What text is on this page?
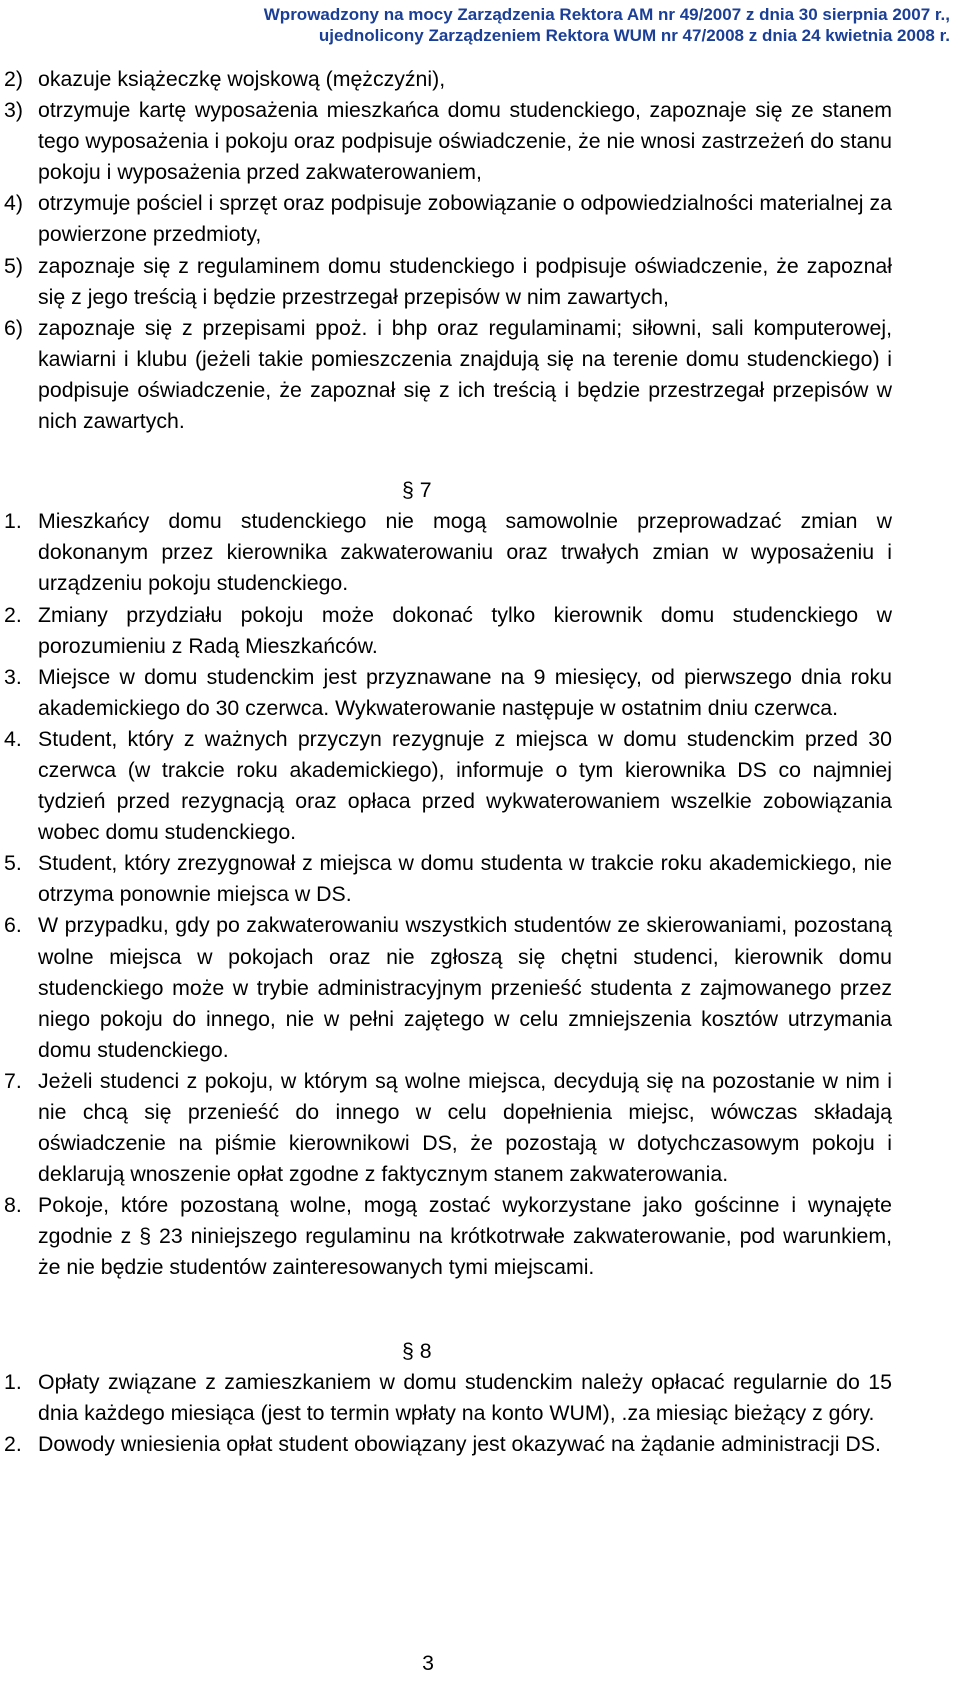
Wprowadzony na mocy Zarządzenia Rektora AM nr 49/2007 z dnia 30 sierpnia 2007 r.,
ujednolicony Zarządzeniem Rektora WUM nr 47/2008 z dnia 24 kwietnia 2008 r.
2) okazuje książeczkę wojskową (mężczyźni),
3) otrzymuje kartę wyposażenia mieszkańca domu studenckiego, zapoznaje się ze stanem tego wyposażenia i pokoju oraz podpisuje oświadczenie, że nie wnosi zastrzeżeń do stanu pokoju i wyposażenia przed zakwaterowaniem,
4) otrzymuje pościel i sprzęt oraz podpisuje zobowiązanie o odpowiedzialności materialnej za powierzone przedmioty,
5) zapoznaje się z regulaminem domu studenckiego i podpisuje oświadczenie, że zapoznał się z jego treścią i będzie przestrzegał przepisów w nim zawartych,
6) zapoznaje się z przepisami ppoż. i bhp oraz regulaminami; siłowni, sali komputerowej, kawiarni i klubu (jeżeli takie pomieszczenia znajdują się na terenie domu studenckiego) i podpisuje oświadczenie, że zapoznał się z ich treścią i będzie przestrzegał przepisów w nich zawartych.
§ 7
1. Mieszkańcy domu studenckiego nie mogą samowolnie przeprowadzać zmian w dokonanym przez kierownika zakwaterowaniu oraz trwałych zmian w wyposażeniu i urządzeniu pokoju studenckiego.
2. Zmiany przydziału pokoju może dokonać tylko kierownik domu studenckiego w porozumieniu z Radą Mieszkańców.
3. Miejsce w domu studenckim jest przyznawane na 9 miesięcy, od pierwszego dnia roku akademickiego do 30 czerwca. Wykwaterowanie następuje w ostatnim dniu czerwca.
4. Student, który z ważnych przyczyn rezygnuje z miejsca w domu studenckim przed 30 czerwca (w trakcie roku akademickiego), informuje o tym kierownika DS co najmniej tydzień przed rezygnacją oraz opłaca przed wykwaterowaniem wszelkie zobowiązania wobec domu studenckiego.
5. Student, który zrezygnował z miejsca w domu studenta w trakcie roku akademickiego, nie otrzyma ponownie miejsca w DS.
6. W przypadku, gdy po zakwaterowaniu wszystkich studentów ze skierowaniami, pozostaną wolne miejsca w pokojach oraz nie zgłoszą się chętni studenci, kierownik domu studenckiego może w trybie administracyjnym przenieść studenta z zajmowanego przez niego pokoju do innego, nie w pełni zajętego w celu zmniejszenia kosztów utrzymania domu studenckiego.
7. Jeżeli studenci z pokoju, w którym są wolne miejsca, decydują się na pozostanie w nim i nie chcą się przenieść do innego w celu dopełnienia miejsc, wówczas składają oświadczenie na piśmie kierownikowi DS, że pozostają w dotychczasowym pokoju i deklarują wnoszenie opłat zgodne z faktycznym stanem zakwaterowania.
8. Pokoje, które pozostaną wolne, mogą zostać wykorzystane jako gościnne i wynajęte zgodnie z § 23 niniejszego regulaminu na krótkotrwałe zakwaterowanie, pod warunkiem, że nie będzie studentów zainteresowanych tymi miejscami.
§ 8
1. Opłaty związane z zamieszkaniem w domu studenckim należy opłacać regularnie do 15 dnia każdego miesiąca (jest to termin wpłaty na konto WUM), .za miesiąc bieżący z góry.
2. Dowody wniesienia opłat student obowiązany jest okazywać na żądanie administracji DS.
3
